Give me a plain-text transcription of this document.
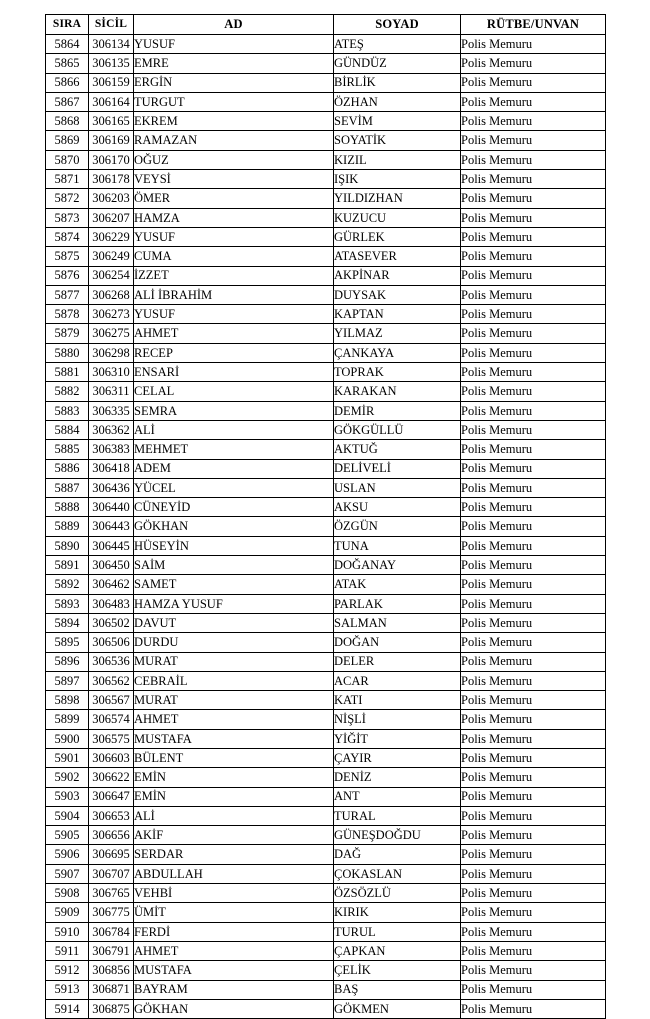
SIRA	SİCİL	AD	SOYAD	RÜTBE/UNVAN
5864	306134	YUSUF	ATEŞ	Polis Memuru
5865	306135	EMRE	GÜNDÜZ	Polis Memuru
5866	306159	ERGİN	BİRLİK	Polis Memuru
5867	306164	TURGUT	ÖZHAN	Polis Memuru
5868	306165	EKREM	SEVİM	Polis Memuru
5869	306169	RAMAZAN	SOYATİK	Polis Memuru
5870	306170	OĞUZ	KIZIL	Polis Memuru
5871	306178	VEYSİ	IŞIK	Polis Memuru
5872	306203	ÖMER	YILDIZHAN	Polis Memuru
5873	306207	HAMZA	KUZUCU	Polis Memuru
5874	306229	YUSUF	GÜRLEK	Polis Memuru
5875	306249	CUMA	ATASEVER	Polis Memuru
5876	306254	İZZET	AKPİNAR	Polis Memuru
5877	306268	ALİ İBRAHİM	DUYSAK	Polis Memuru
5878	306273	YUSUF	KAPTAN	Polis Memuru
5879	306275	AHMET	YILMAZ	Polis Memuru
5880	306298	RECEP	ÇANKAYA	Polis Memuru
5881	306310	ENSARİ	TOPRAK	Polis Memuru
5882	306311	CELAL	KARAKAN	Polis Memuru
5883	306335	SEMRA	DEMİR	Polis Memuru
5884	306362	ALİ	GÖKGÜLLÜ	Polis Memuru
5885	306383	MEHMET	AKTUĞ	Polis Memuru
5886	306418	ADEM	DELİVELİ	Polis Memuru
5887	306436	YÜCEL	USLAN	Polis Memuru
5888	306440	CÜNEYİD	AKSU	Polis Memuru
5889	306443	GÖKHAN	ÖZGÜN	Polis Memuru
5890	306445	HÜSEYİN	TUNA	Polis Memuru
5891	306450	SAİM	DOĞANAY	Polis Memuru
5892	306462	SAMET	ATAK	Polis Memuru
5893	306483	HAMZA YUSUF	PARLAK	Polis Memuru
5894	306502	DAVUT	SALMAN	Polis Memuru
5895	306506	DURDU	DOĞAN	Polis Memuru
5896	306536	MURAT	DELER	Polis Memuru
5897	306562	CEBRAİL	ACAR	Polis Memuru
5898	306567	MURAT	KATI	Polis Memuru
5899	306574	AHMET	NİŞLİ	Polis Memuru
5900	306575	MUSTAFA	YİĞİT	Polis Memuru
5901	306603	BÜLENT	ÇAYIR	Polis Memuru
5902	306622	EMİN	DENİZ	Polis Memuru
5903	306647	EMİN	ANT	Polis Memuru
5904	306653	ALİ	TURAL	Polis Memuru
5905	306656	AKİF	GÜNEŞDOĞDU	Polis Memuru
5906	306695	SERDAR	DAĞ	Polis Memuru
5907	306707	ABDULLAH	ÇOKASLAN	Polis Memuru
5908	306765	VEHBİ	ÖZSÖZLÜ	Polis Memuru
5909	306775	ÜMİT	KIRIK	Polis Memuru
5910	306784	FERDİ	TURUL	Polis Memuru
5911	306791	AHMET	ÇAPKAN	Polis Memuru
5912	306856	MUSTAFA	ÇELİK	Polis Memuru
5913	306871	BAYRAM	BAŞ	Polis Memuru
5914	306875	GÖKHAN	GÖKMEN	Polis Memuru
